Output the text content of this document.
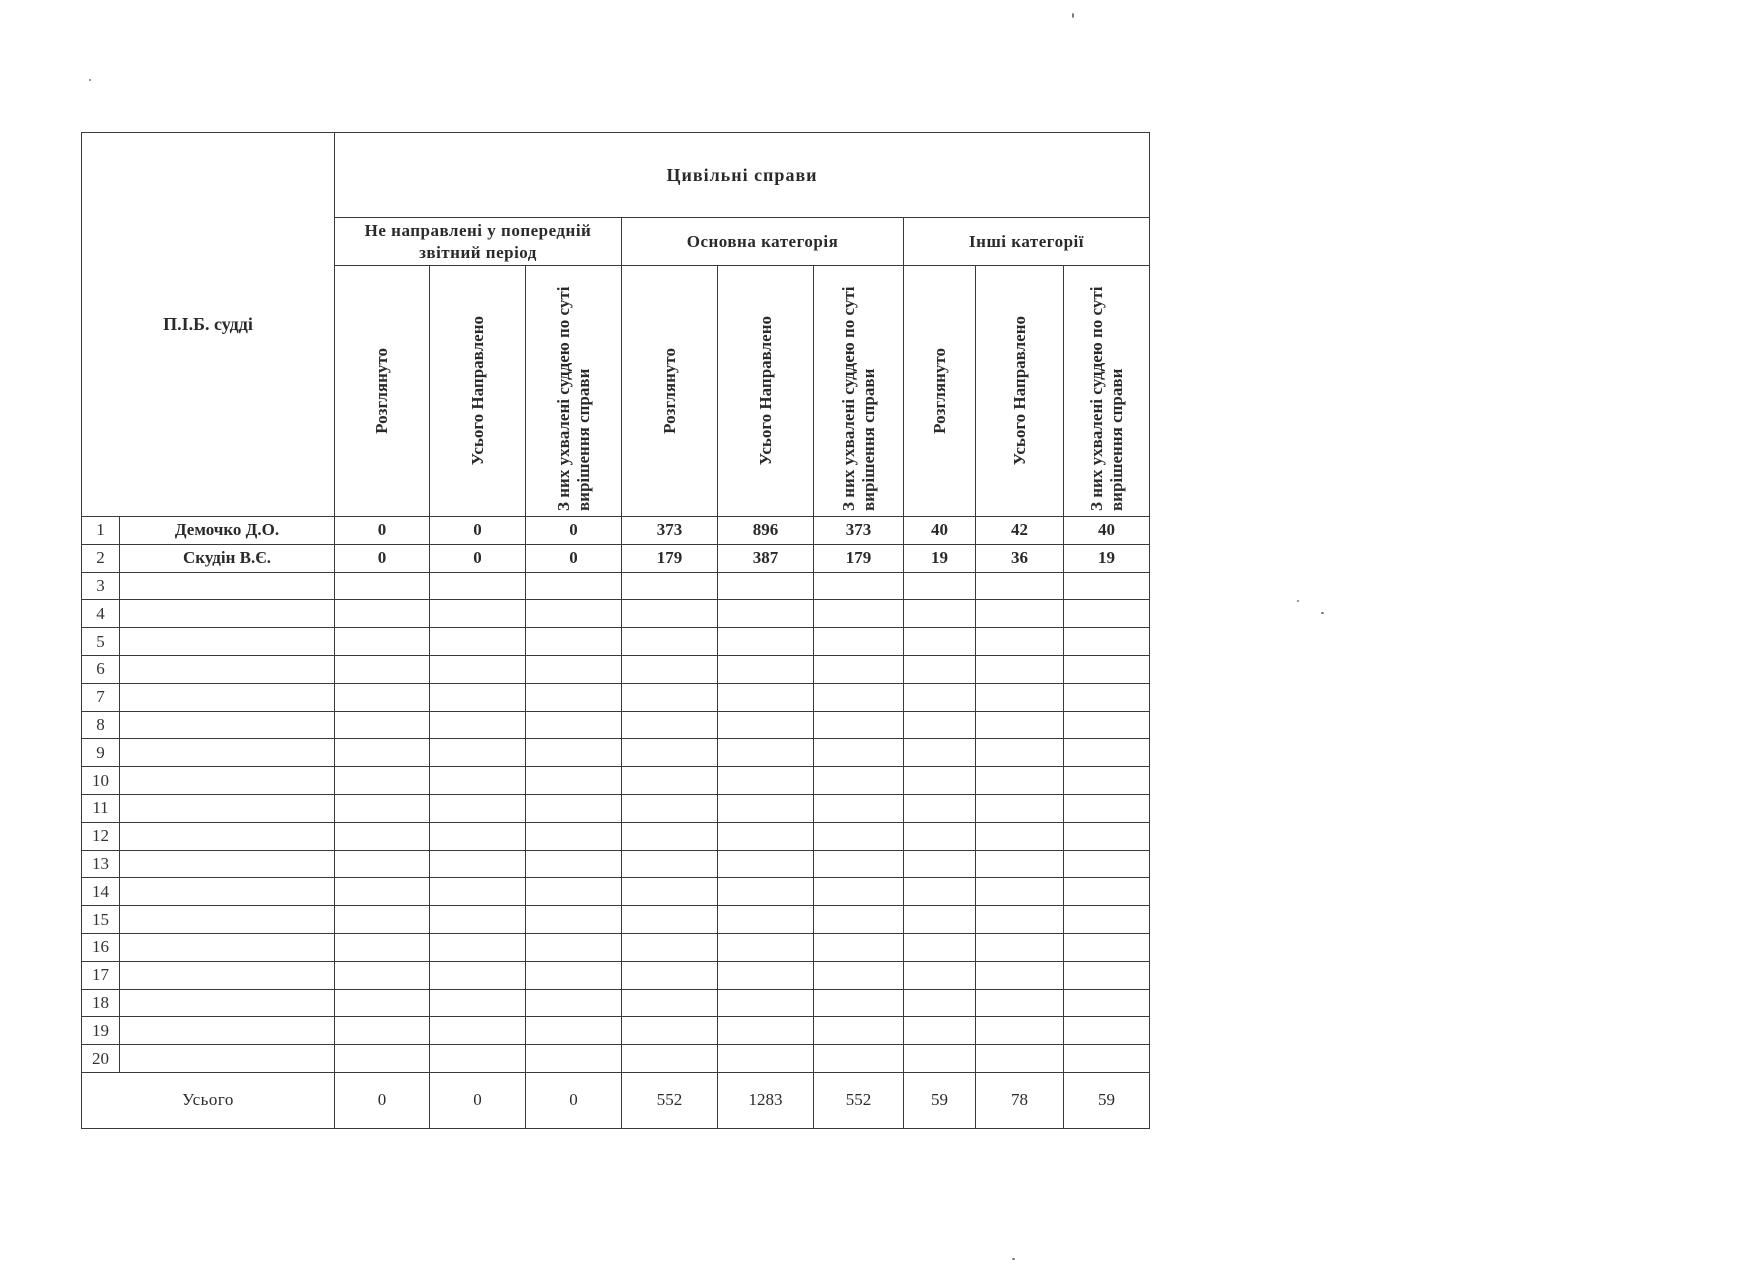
П.І.Б. судді		Цивільні справи								
		Не направлені у попередній звітний період			Основна категорія			Інші категорії		

		Розглянуто	Усього Направлено	З них ухвалені суддею по суті вирішення справи	Розглянуто	Усього Направлено	З них ухвалені суддею по суті вирішення справи	Розглянуто	Усього Направлено	З них ухвалені суддею по суті вирішення справи

1	Демочко Д.О.	0	0	0	373	896	373	40	42	40
2	Скудін В.Є.	0	0	0	179	387	179	19	36	19
3										
4										
5										
6										
7										
8										
9										
10										
11										
12										
13										
14										
15										
16										
17										
18										
19										
20										
Усього		0	0	0	552	1283	552	59	78	59
